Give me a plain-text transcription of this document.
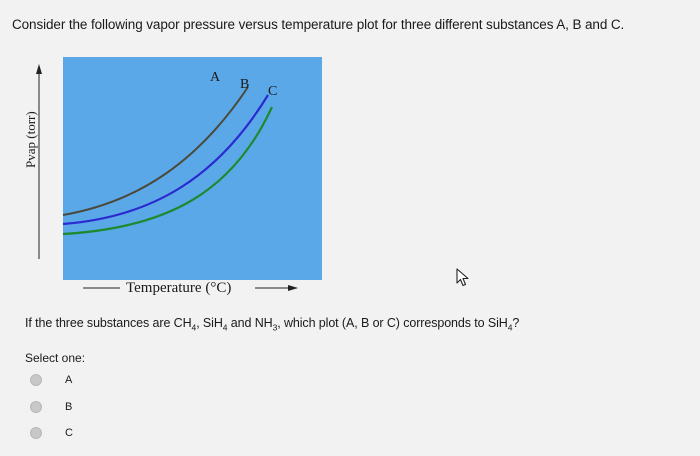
Consider the following vapor pressure versus temperature plot for three different substances A, B and C.
Pvap (torr)
Temperature (°C)
A B C
If the three substances are $CH_4$, SiH$_4$ and $NH_3$, which plot (A, B or C) corresponds to SiH$_4$?
Select one:
A
B
C
